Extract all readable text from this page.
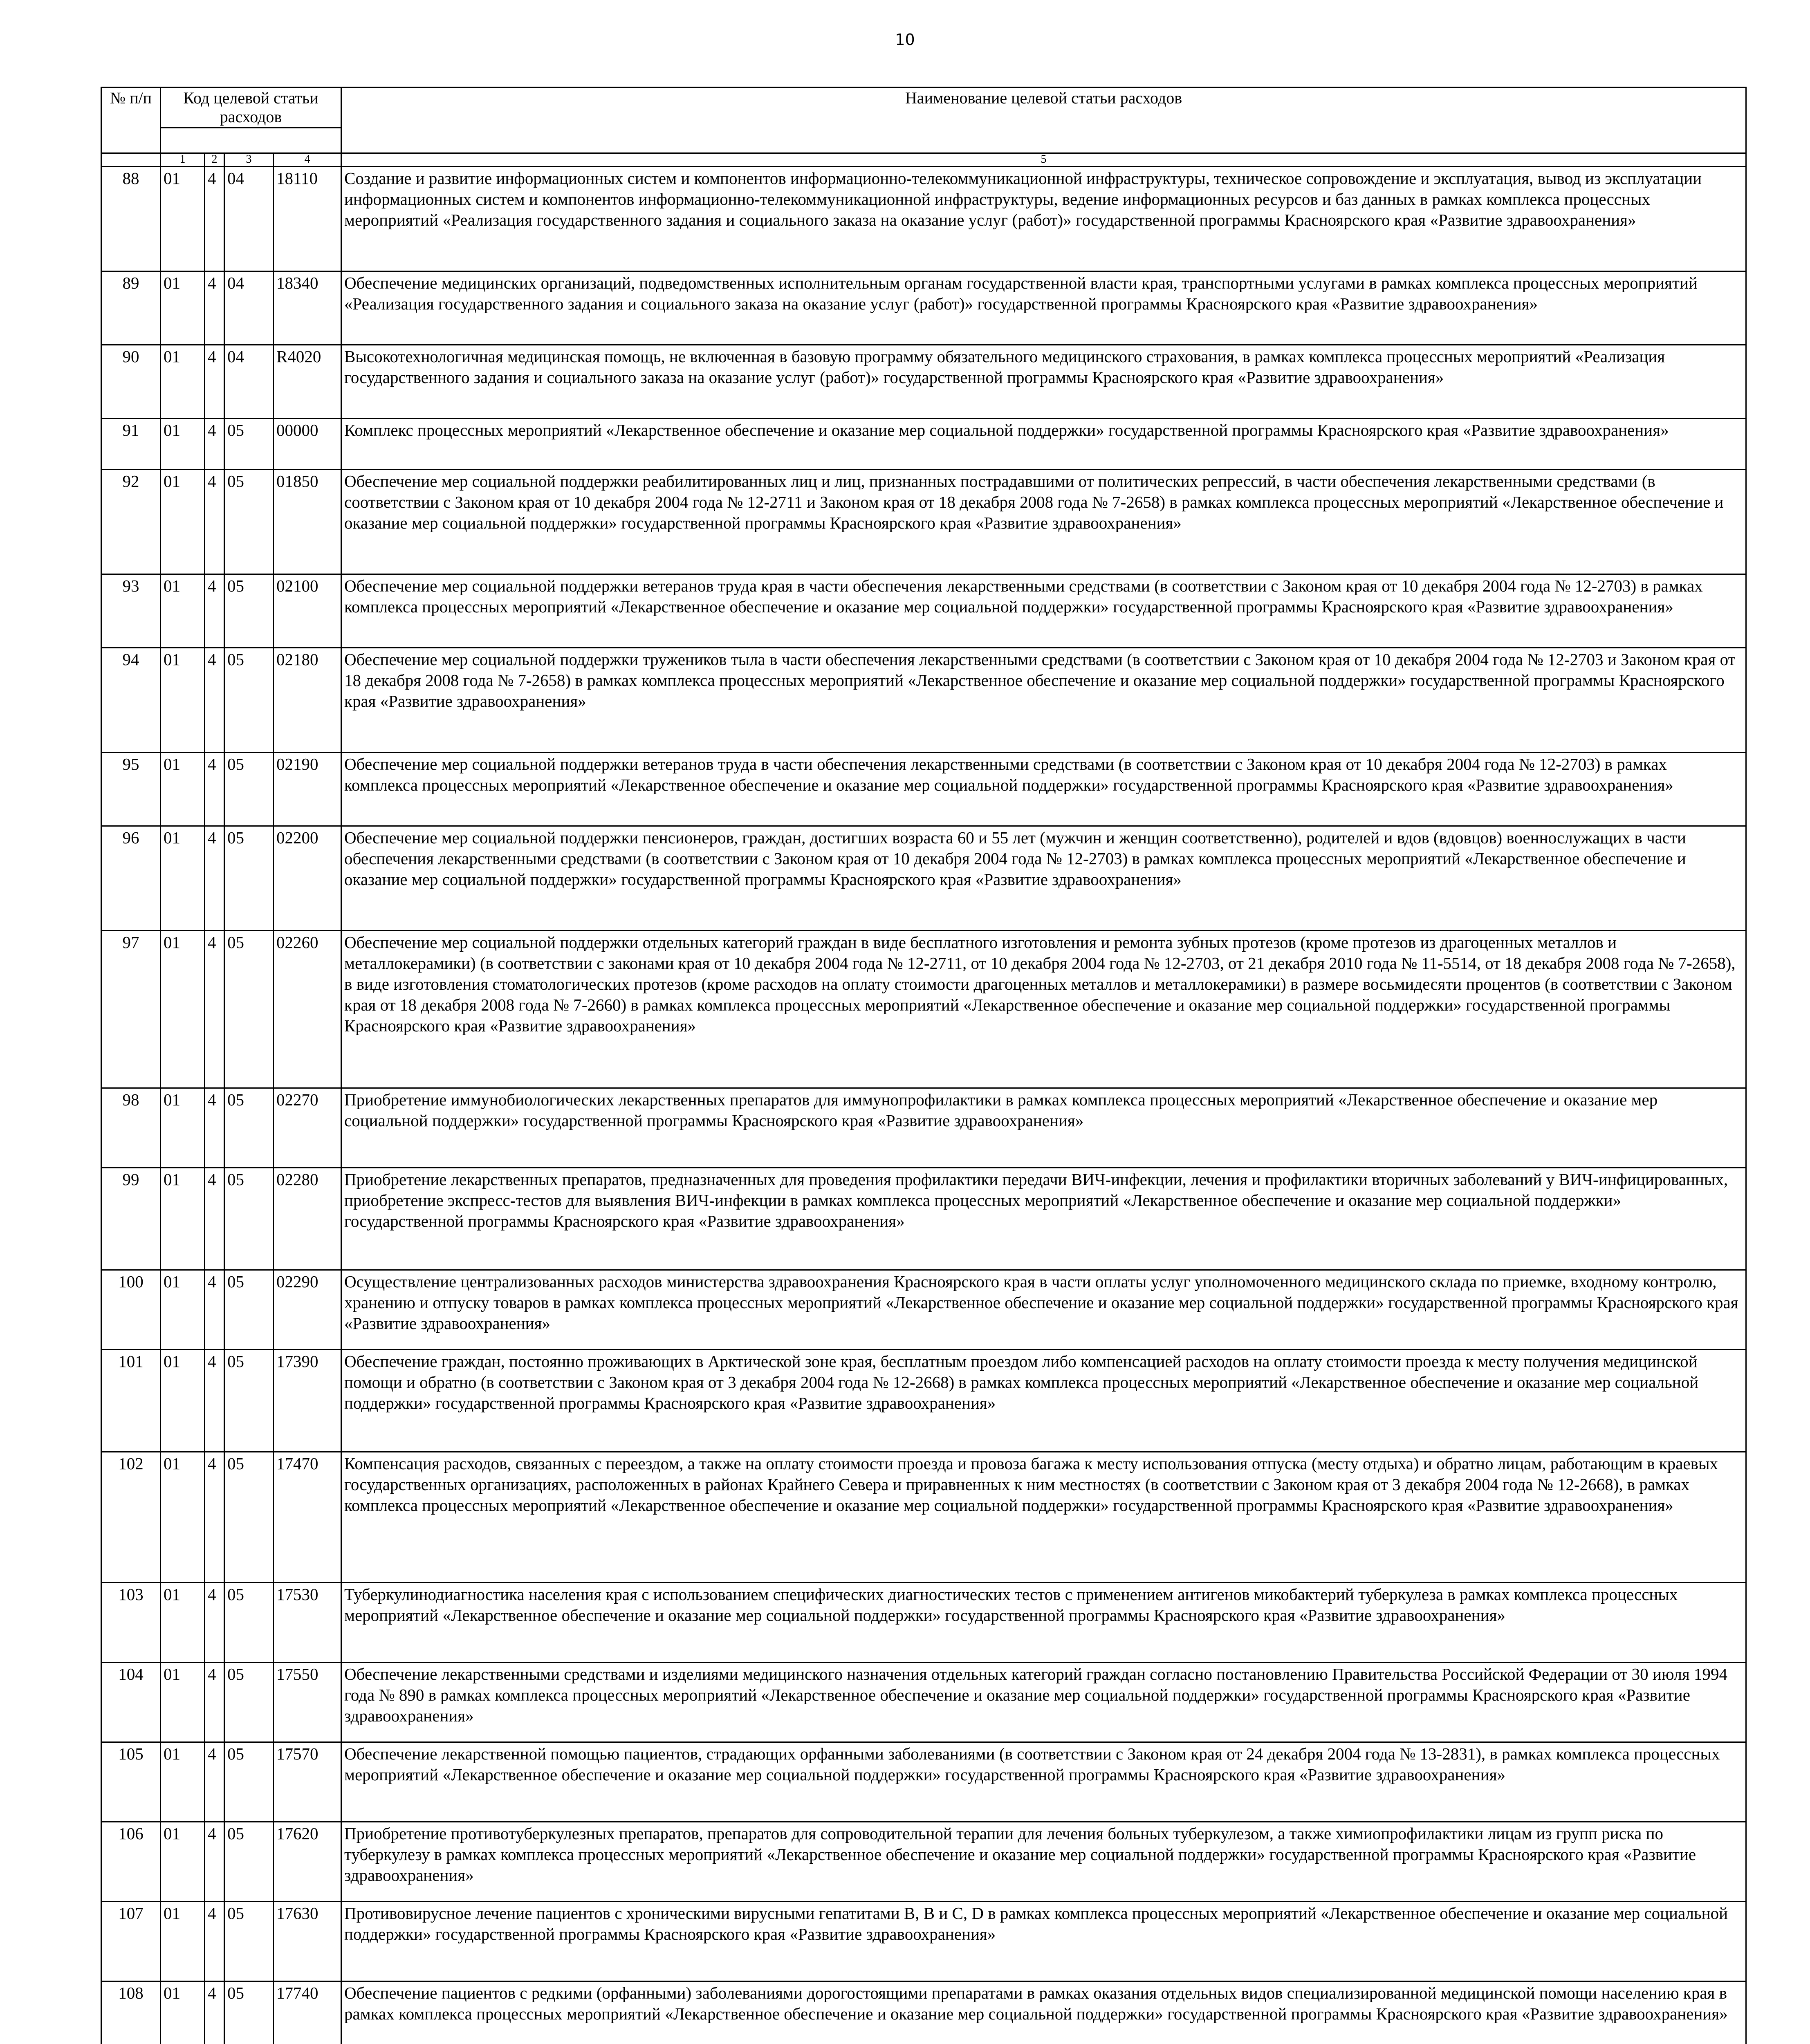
10
№ п/п	Код целевой статьи расходов				Наименование целевой статьи расходов

	1	2	3	4	5
88	01	4	04	18110	Создание и развитие информационных систем и компонентов информационно-телекоммуникационной инфраструктуры, техническое сопровождение и эксплуатация, вывод из эксплуатации информационных систем и компонентов информационно-телекоммуникационной инфраструктуры, ведение информационных ресурсов и баз данных в рамках комплекса процессных мероприятий «Реализация государственного задания и социального заказа на оказание услуг (работ)» государственной программы Красноярского края «Развитие здравоохранения»
89	01	4	04	18340	Обеспечение медицинских организаций, подведомственных исполнительным органам государственной власти края, транспортными услугами в рамках комплекса процессных мероприятий «Реализация государственного задания и социального заказа на оказание услуг (работ)» государственной программы Красноярского края «Развитие здравоохранения»
90	01	4	04	R4020	Высокотехнологичная медицинская помощь, не включенная в базовую программу обязательного медицинского страхования, в рамках комплекса процессных мероприятий «Реализация государственного задания и социального заказа на оказание услуг (работ)» государственной программы Красноярского края «Развитие здравоохранения»
91	01	4	05	00000	Комплекс процессных мероприятий «Лекарственное обеспечение и оказание мер социальной поддержки» государственной программы Красноярского края «Развитие здравоохранения»
92	01	4	05	01850	Обеспечение мер социальной поддержки реабилитированных лиц и лиц, признанных пострадавшими от политических репрессий, в части обеспечения лекарственными средствами (в соответствии с Законом края от 10 декабря 2004 года № 12-2711 и Законом края от 18 декабря 2008 года № 7-2658) в рамках комплекса процессных мероприятий «Лекарственное обеспечение и оказание мер социальной поддержки» государственной программы Красноярского края «Развитие здравоохранения»
93	01	4	05	02100	Обеспечение мер социальной поддержки ветеранов труда края в части обеспечения лекарственными средствами (в соответствии с Законом края от 10 декабря 2004 года № 12-2703) в рамках комплекса процессных мероприятий «Лекарственное обеспечение и оказание мер социальной поддержки» государственной программы Красноярского края «Развитие здравоохранения»
94	01	4	05	02180	Обеспечение мер социальной поддержки тружеников тыла в части обеспечения лекарственными средствами (в соответствии с Законом края от 10 декабря 2004 года № 12-2703 и Законом края от 18 декабря 2008 года № 7-2658) в рамках комплекса процессных мероприятий «Лекарственное обеспечение и оказание мер социальной поддержки» государственной программы Красноярского края «Развитие здравоохранения»
95	01	4	05	02190	Обеспечение мер социальной поддержки ветеранов труда в части обеспечения лекарственными средствами (в соответствии с Законом края от 10 декабря 2004 года № 12-2703) в рамках комплекса процессных мероприятий «Лекарственное обеспечение и оказание мер социальной поддержки» государственной программы Красноярского края «Развитие здравоохранения»
96	01	4	05	02200	Обеспечение мер социальной поддержки пенсионеров, граждан, достигших возраста 60 и 55 лет (мужчин и женщин соответственно), родителей и вдов (вдовцов) военнослужащих в части обеспечения лекарственными средствами (в соответствии с Законом края от 10 декабря 2004 года № 12-2703) в рамках комплекса процессных мероприятий «Лекарственное обеспечение и оказание мер социальной поддержки» государственной программы Красноярского края «Развитие здравоохранения»
97	01	4	05	02260	Обеспечение мер социальной поддержки отдельных категорий граждан в виде бесплатного изготовления и ремонта зубных протезов (кроме протезов из драгоценных металлов и металлокерамики) (в соответствии с законами края от 10 декабря 2004 года № 12-2711, от 10 декабря 2004 года № 12-2703, от 21 декабря 2010 года № 11-5514, от 18 декабря 2008 года № 7-2658), в виде изготовления стоматологических протезов (кроме расходов на оплату стоимости драгоценных металлов и металлокерамики) в размере восьмидесяти процентов (в соответствии с Законом края от 18 декабря 2008 года № 7-2660) в рамках комплекса процессных мероприятий «Лекарственное обеспечение и оказание мер социальной поддержки» государственной программы Красноярского края «Развитие здравоохранения»
98	01	4	05	02270	Приобретение иммунобиологических лекарственных препаратов для иммунопрофилактики в рамках комплекса процессных мероприятий «Лекарственное обеспечение и оказание мер социальной поддержки» государственной программы Красноярского края «Развитие здравоохранения»
99	01	4	05	02280	Приобретение лекарственных препаратов, предназначенных для проведения профилактики передачи ВИЧ-инфекции, лечения и профилактики вторичных заболеваний у ВИЧ-инфицированных, приобретение экспресс-тестов для выявления ВИЧ-инфекции в рамках комплекса процессных мероприятий «Лекарственное обеспечение и оказание мер социальной поддержки» государственной программы Красноярского края «Развитие здравоохранения»
100	01	4	05	02290	Осуществление централизованных расходов министерства здравоохранения Красноярского края в части оплаты услуг уполномоченного медицинского склада по приемке, входному контролю, хранению и отпуску товаров в рамках комплекса процессных мероприятий «Лекарственное обеспечение и оказание мер социальной поддержки» государственной программы Красноярского края «Развитие здравоохранения»
101	01	4	05	17390	Обеспечение граждан, постоянно проживающих в Арктической зоне края, бесплатным проездом либо компенсацией расходов на оплату стоимости проезда к месту получения медицинской помощи и обратно (в соответствии с Законом края от 3 декабря 2004 года № 12-2668) в рамках комплекса процессных мероприятий «Лекарственное обеспечение и оказание мер социальной поддержки» государственной программы Красноярского края «Развитие здравоохранения»
102	01	4	05	17470	Компенсация расходов, связанных с переездом, а также на оплату стоимости проезда и провоза багажа к месту использования отпуска (месту отдыха) и обратно лицам, работающим в краевых государственных организациях, расположенных в районах Крайнего Севера и приравненных к ним местностях (в соответствии с Законом края от 3 декабря 2004 года № 12-2668), в рамках комплекса процессных мероприятий «Лекарственное обеспечение и оказание мер социальной поддержки» государственной программы Красноярского края «Развитие здравоохранения»
103	01	4	05	17530	Туберкулинодиагностика населения края с использованием специфических диагностических тестов с применением антигенов микобактерий туберкулеза в рамках комплекса процессных мероприятий «Лекарственное обеспечение и оказание мер социальной поддержки» государственной программы Красноярского края «Развитие здравоохранения»
104	01	4	05	17550	Обеспечение лекарственными средствами и изделиями медицинского назначения отдельных категорий граждан согласно постановлению Правительства Российской Федерации от 30 июля 1994 года № 890 в рамках комплекса процессных мероприятий «Лекарственное обеспечение и оказание мер социальной поддержки» государственной программы Красноярского края «Развитие здравоохранения»
105	01	4	05	17570	Обеспечение лекарственной помощью пациентов, страдающих орфанными заболеваниями (в соответствии с Законом края от 24 декабря 2004 года № 13-2831), в рамках комплекса процессных мероприятий «Лекарственное обеспечение и оказание мер социальной поддержки» государственной программы Красноярского края «Развитие здравоохранения»
106	01	4	05	17620	Приобретение противотуберкулезных препаратов, препаратов для сопроводительной терапии для лечения больных туберкулезом, а также химиопрофилактики лицам из групп риска по туберкулезу в рамках комплекса процессных мероприятий «Лекарственное обеспечение и оказание мер социальной поддержки» государственной программы Красноярского края «Развитие здравоохранения»
107	01	4	05	17630	Противовирусное лечение пациентов с хроническими вирусными гепатитами B, B и C, D в рамках комплекса процессных мероприятий «Лекарственное обеспечение и оказание мер социальной поддержки» государственной программы Красноярского края «Развитие здравоохранения»
108	01	4	05	17740	Обеспечение пациентов с редкими (орфанными) заболеваниями дорогостоящими препаратами в рамках оказания отдельных видов специализированной медицинской помощи населению края в рамках комплекса процессных мероприятий «Лекарственное обеспечение и оказание мер социальной поддержки» государственной программы Красноярского края «Развитие здравоохранения»
